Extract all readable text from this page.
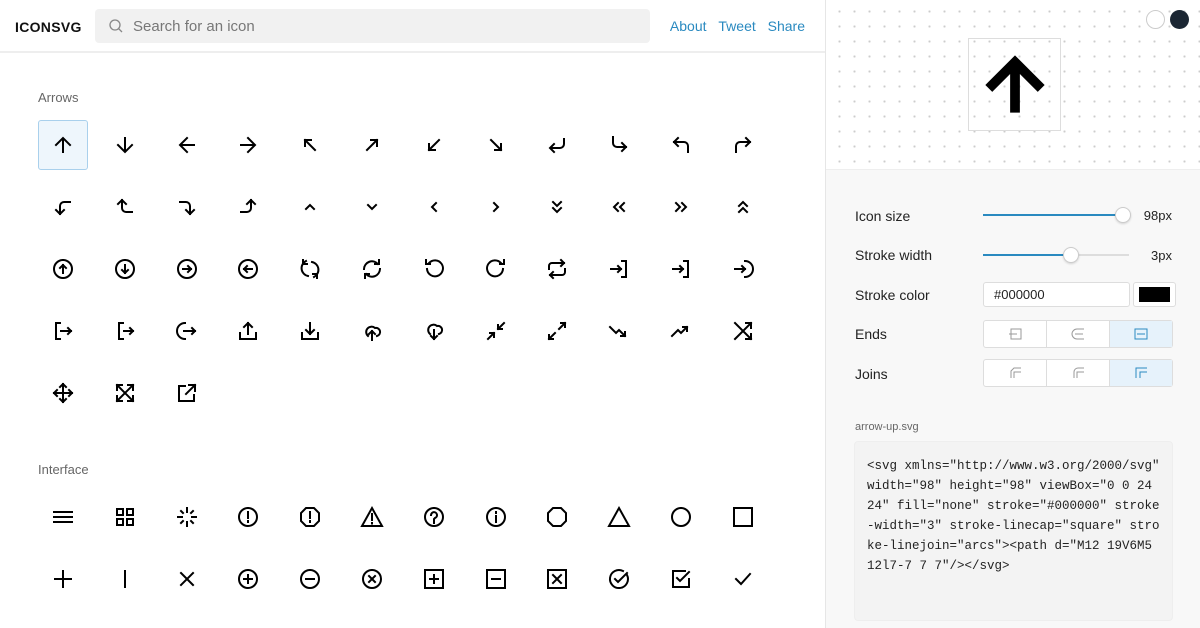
ICONSVG
Search for an icon	About Tweet Share
Arrows
Interface
Icon size	98px
Stroke width	3px
Stroke color
#000000
Ends
Joins
arrow-up.svg
<svg xmlns="http://www.w3.org/2000/svg" width="98" height="98" viewBox="0 0 24 24" fill="none" stroke="#000000" stroke-width="3" stroke-linecap="square" stroke-linejoin="arcs"><path d="M12 19V6M5 12l7-7 7 7"/></svg>
